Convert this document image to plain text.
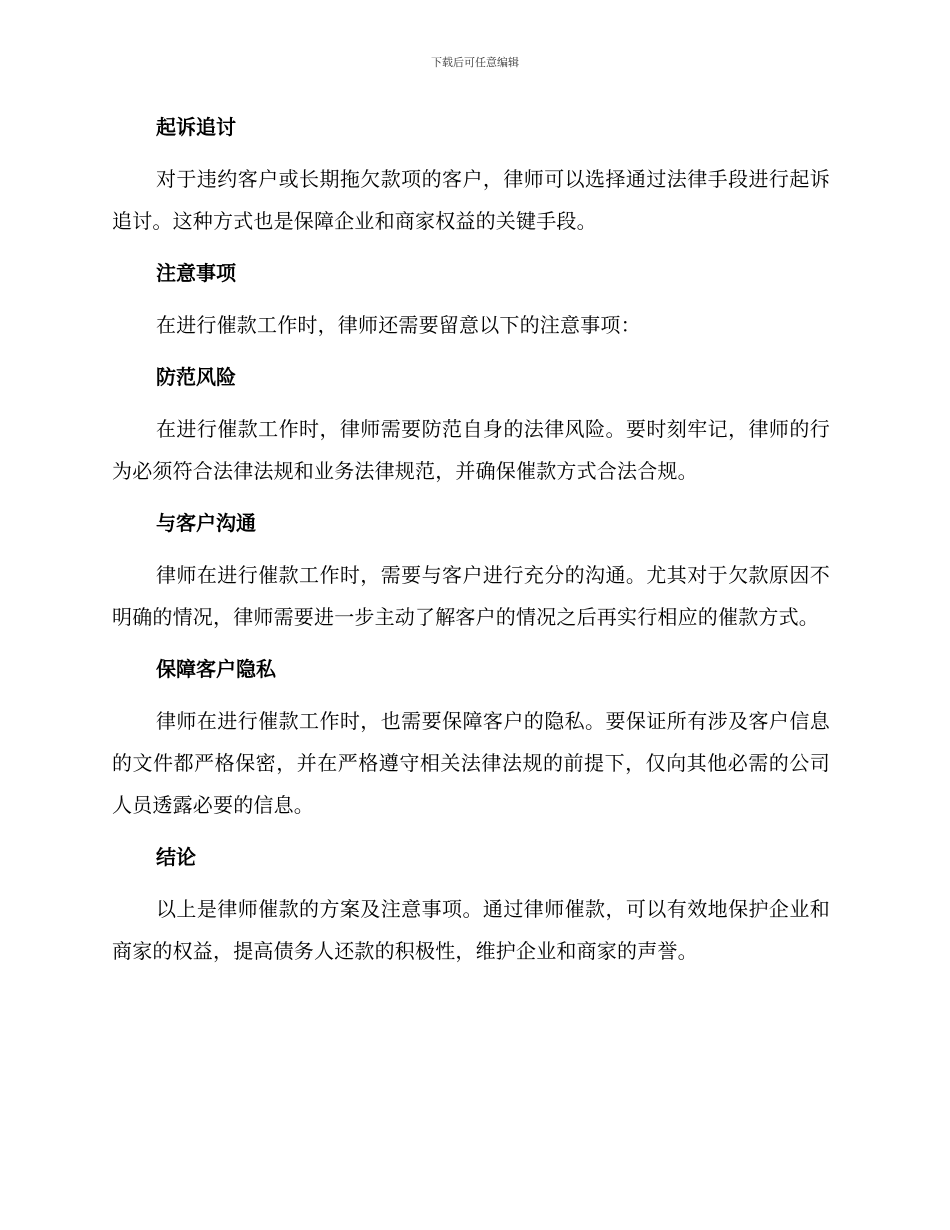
下载后可任意编辑
起诉追讨

对于违约客户或长期拖欠款项的客户，律师可以选择通过法律手段进行起诉追讨。这种方式也是保障企业和商家权益的关键手段。

注意事项

在进行催款工作时，律师还需要留意以下的注意事项：

防范风险

在进行催款工作时，律师需要防范自身的法律风险。要时刻牢记，律师的行为必须符合法律法规和业务法律规范，并确保催款方式合法合规。

与客户沟通

律师在进行催款工作时，需要与客户进行充分的沟通。尤其对于欠款原因不明确的情况，律师需要进一步主动了解客户的情况之后再实行相应的催款方式。

保障客户隐私

律师在进行催款工作时，也需要保障客户的隐私。要保证所有涉及客户信息的文件都严格保密，并在严格遵守相关法律法规的前提下，仅向其他必需的公司人员透露必要的信息。

结论

以上是律师催款的方案及注意事项。通过律师催款，可以有效地保护企业和商家的权益，提高债务人还款的积极性，维护企业和商家的声誉。
